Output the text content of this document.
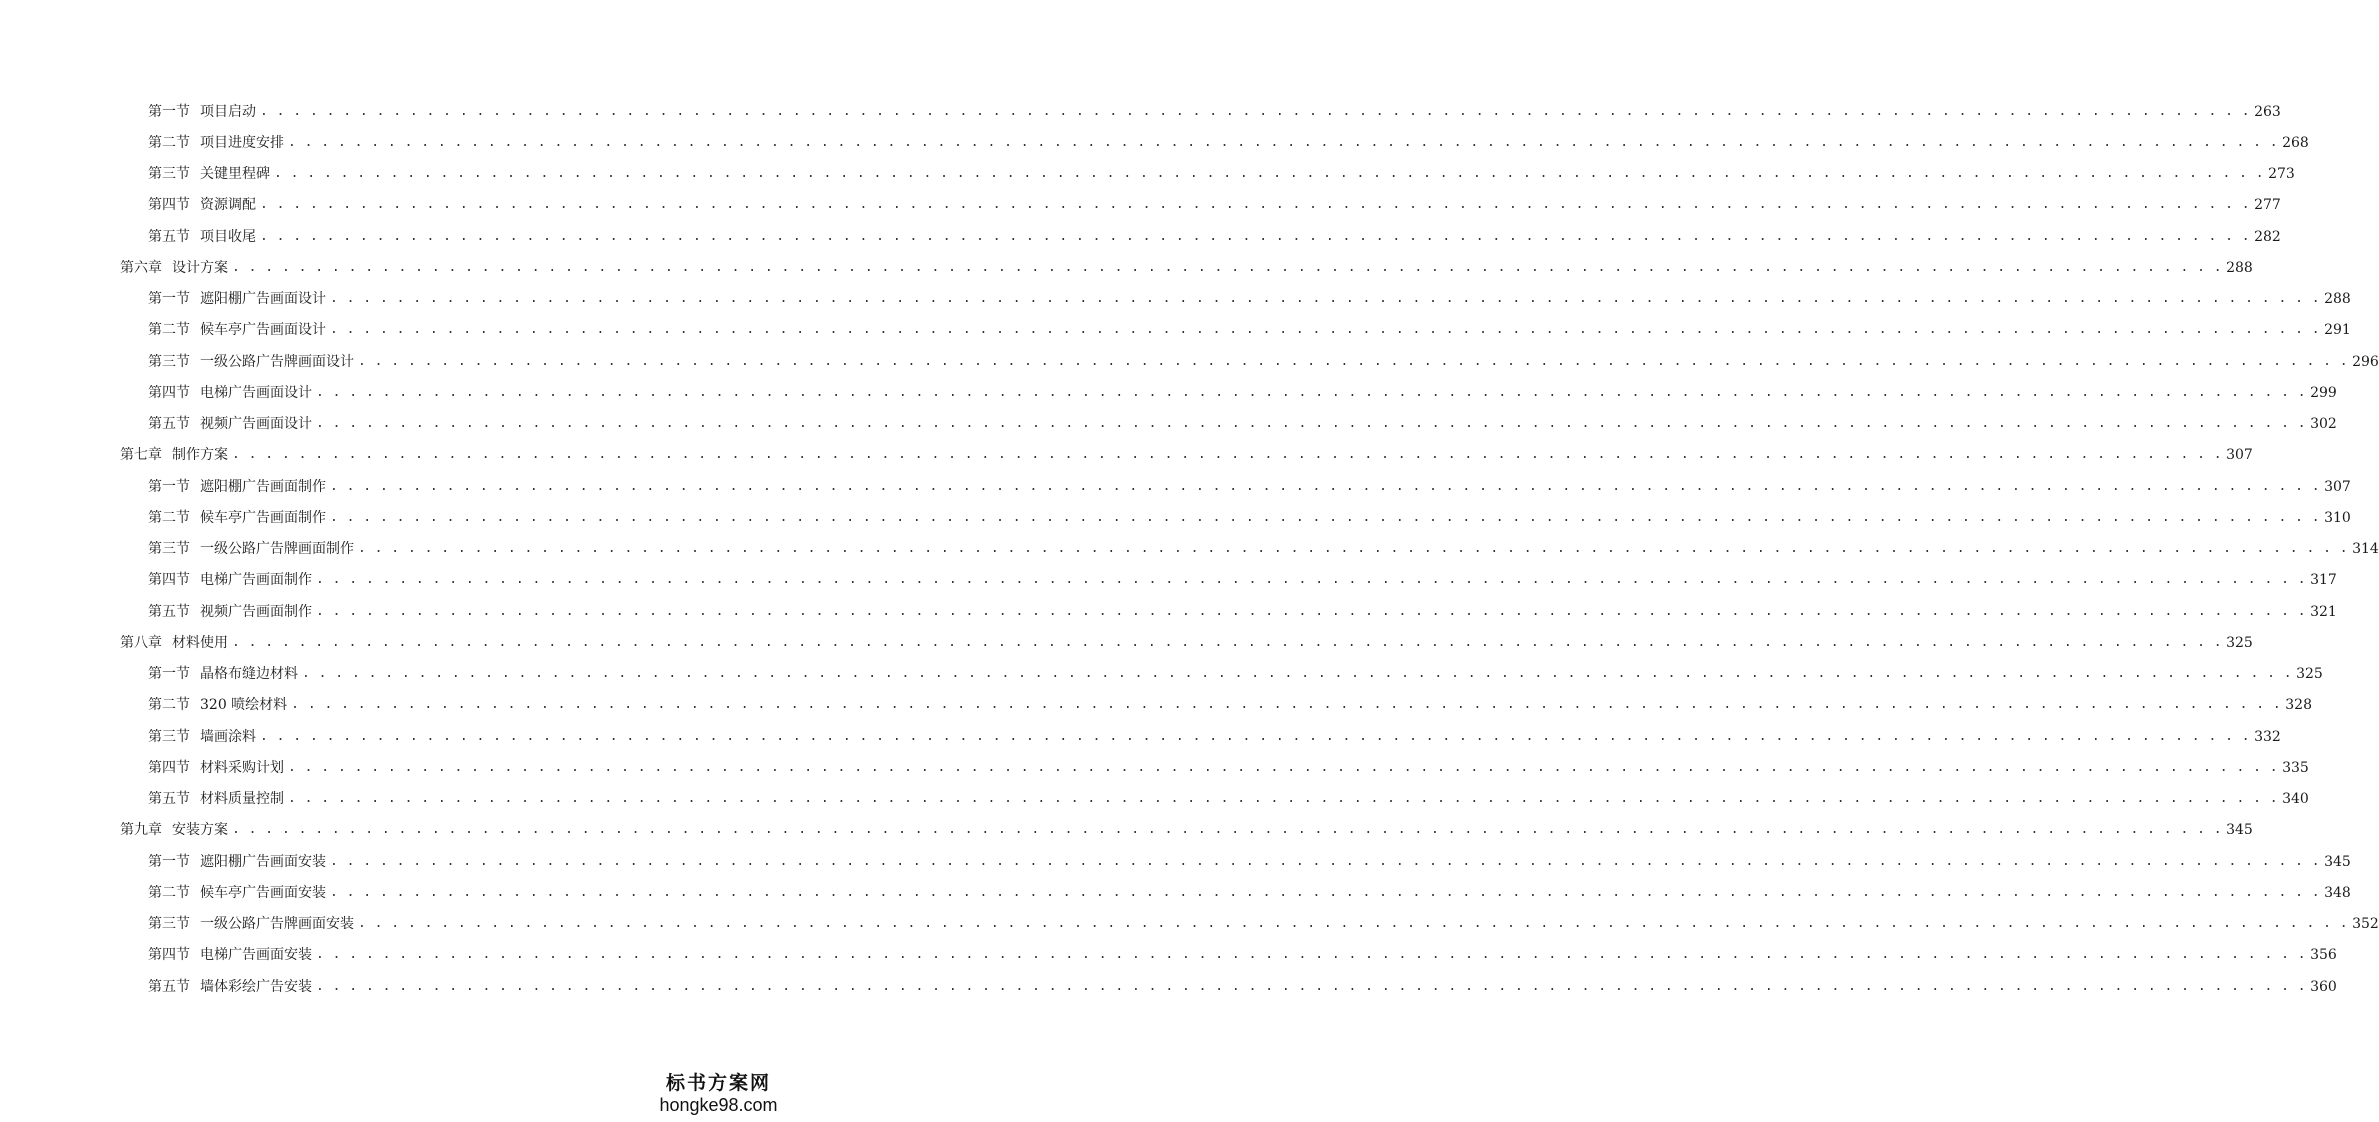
第一节 项目启动 . . . . . . . . . . . . . . . . . . . . . . . . . . . . . . . . . . . . . . . . . . . . . . . . . . . . . . . . . . . . . . . . . . . . . . . . . . . . . . . . . . . . . . . . . . . . . . . . . . . . . . . . . . . . . . . . . . . . . . . . 263
第二节 项目进度安排 . . . . . . . . . . . . . . . . . . . . . . . . . . . . . . . . . . . . . . . . . . . . . . . . . . . . . . . . . . . . . . . . . . . . . . . . . . . . . . . . . . . . . . . . . . . . . . . . . . . . . . . . . . . . . . . . . . . . . . . . 268
第三节 关键里程碑 . . . . . . . . . . . . . . . . . . . . . . . . . . . . . . . . . . . . . . . . . . . . . . . . . . . . . . . . . . . . . . . . . . . . . . . . . . . . . . . . . . . . . . . . . . . . . . . . . . . . . . . . . . . . . . . . . . . . . . . . 273
第四节 资源调配 . . . . . . . . . . . . . . . . . . . . . . . . . . . . . . . . . . . . . . . . . . . . . . . . . . . . . . . . . . . . . . . . . . . . . . . . . . . . . . . . . . . . . . . . . . . . . . . . . . . . . . . . . . . . . . . . . . . . . . . . 277
第五节 项目收尾 . . . . . . . . . . . . . . . . . . . . . . . . . . . . . . . . . . . . . . . . . . . . . . . . . . . . . . . . . . . . . . . . . . . . . . . . . . . . . . . . . . . . . . . . . . . . . . . . . . . . . . . . . . . . . . . . . . . . . . . . 282
第六章 设计方案 . . . . . . . . . . . . . . . . . . . . . . . . . . . . . . . . . . . . . . . . . . . . . . . . . . . . . . . . . . . . . . . . . . . . . . . . . . . . . . . . . . . . . . . . . . . . . . . . . . . . . . . . . . . . . . . . . . . . . . . . 288
第一节 遮阳棚广告画面设计 . . . . . . . . . . . . . . . . . . . . . . . . . . . . . . . . . . . . . . . . . . . . . . . . . . . . . . . . . . . . . . . . . . . . . . . . . . . . . . . . . . . . . . . . . . . . . . . . . . . . . . . . . . . . . . . . . . . . . . . . 288
第二节 候车亭广告画面设计 . . . . . . . . . . . . . . . . . . . . . . . . . . . . . . . . . . . . . . . . . . . . . . . . . . . . . . . . . . . . . . . . . . . . . . . . . . . . . . . . . . . . . . . . . . . . . . . . . . . . . . . . . . . . . . . . . . . . . . . . 291
第三节 一级公路广告牌画面设计 . . . . . . . . . . . . . . . . . . . . . . . . . . . . . . . . . . . . . . . . . . . . . . . . . . . . . . . . . . . . . . . . . . . . . . . . . . . . . . . . . . . . . . . . . . . . . . . . . . . . . . . . . . . . . . . . . . . . . . . . 296
第四节 电梯广告画面设计 . . . . . . . . . . . . . . . . . . . . . . . . . . . . . . . . . . . . . . . . . . . . . . . . . . . . . . . . . . . . . . . . . . . . . . . . . . . . . . . . . . . . . . . . . . . . . . . . . . . . . . . . . . . . . . . . . . . . . . . . 299
第五节 视频广告画面设计 . . . . . . . . . . . . . . . . . . . . . . . . . . . . . . . . . . . . . . . . . . . . . . . . . . . . . . . . . . . . . . . . . . . . . . . . . . . . . . . . . . . . . . . . . . . . . . . . . . . . . . . . . . . . . . . . . . . . . . . . 302
第七章 制作方案 . . . . . . . . . . . . . . . . . . . . . . . . . . . . . . . . . . . . . . . . . . . . . . . . . . . . . . . . . . . . . . . . . . . . . . . . . . . . . . . . . . . . . . . . . . . . . . . . . . . . . . . . . . . . . . . . . . . . . . . . 307
第一节 遮阳棚广告画面制作 . . . . . . . . . . . . . . . . . . . . . . . . . . . . . . . . . . . . . . . . . . . . . . . . . . . . . . . . . . . . . . . . . . . . . . . . . . . . . . . . . . . . . . . . . . . . . . . . . . . . . . . . . . . . . . . . . . . . . . . . 307
第二节 候车亭广告画面制作 . . . . . . . . . . . . . . . . . . . . . . . . . . . . . . . . . . . . . . . . . . . . . . . . . . . . . . . . . . . . . . . . . . . . . . . . . . . . . . . . . . . . . . . . . . . . . . . . . . . . . . . . . . . . . . . . . . . . . . . . 310
第三节 一级公路广告牌画面制作 . . . . . . . . . . . . . . . . . . . . . . . . . . . . . . . . . . . . . . . . . . . . . . . . . . . . . . . . . . . . . . . . . . . . . . . . . . . . . . . . . . . . . . . . . . . . . . . . . . . . . . . . . . . . . . . . . . . . . . . . 314
第四节 电梯广告画面制作 . . . . . . . . . . . . . . . . . . . . . . . . . . . . . . . . . . . . . . . . . . . . . . . . . . . . . . . . . . . . . . . . . . . . . . . . . . . . . . . . . . . . . . . . . . . . . . . . . . . . . . . . . . . . . . . . . . . . . . . . 317
第五节 视频广告画面制作 . . . . . . . . . . . . . . . . . . . . . . . . . . . . . . . . . . . . . . . . . . . . . . . . . . . . . . . . . . . . . . . . . . . . . . . . . . . . . . . . . . . . . . . . . . . . . . . . . . . . . . . . . . . . . . . . . . . . . . . . 321
第八章 材料使用 . . . . . . . . . . . . . . . . . . . . . . . . . . . . . . . . . . . . . . . . . . . . . . . . . . . . . . . . . . . . . . . . . . . . . . . . . . . . . . . . . . . . . . . . . . . . . . . . . . . . . . . . . . . . . . . . . . . . . . . . 325
第一节 晶格布缝边材料 . . . . . . . . . . . . . . . . . . . . . . . . . . . . . . . . . . . . . . . . . . . . . . . . . . . . . . . . . . . . . . . . . . . . . . . . . . . . . . . . . . . . . . . . . . . . . . . . . . . . . . . . . . . . . . . . . . . . . . . . 325
第二节 320 喷绘材料 . . . . . . . . . . . . . . . . . . . . . . . . . . . . . . . . . . . . . . . . . . . . . . . . . . . . . . . . . . . . . . . . . . . . . . . . . . . . . . . . . . . . . . . . . . . . . . . . . . . . . . . . . . . . . . . . . . . . . . . . 328
第三节 墙画涂料 . . . . . . . . . . . . . . . . . . . . . . . . . . . . . . . . . . . . . . . . . . . . . . . . . . . . . . . . . . . . . . . . . . . . . . . . . . . . . . . . . . . . . . . . . . . . . . . . . . . . . . . . . . . . . . . . . . . . . . . . 332
第四节 材料采购计划 . . . . . . . . . . . . . . . . . . . . . . . . . . . . . . . . . . . . . . . . . . . . . . . . . . . . . . . . . . . . . . . . . . . . . . . . . . . . . . . . . . . . . . . . . . . . . . . . . . . . . . . . . . . . . . . . . . . . . . . . 335
第五节 材料质量控制 . . . . . . . . . . . . . . . . . . . . . . . . . . . . . . . . . . . . . . . . . . . . . . . . . . . . . . . . . . . . . . . . . . . . . . . . . . . . . . . . . . . . . . . . . . . . . . . . . . . . . . . . . . . . . . . . . . . . . . . . 340
第九章 安装方案 . . . . . . . . . . . . . . . . . . . . . . . . . . . . . . . . . . . . . . . . . . . . . . . . . . . . . . . . . . . . . . . . . . . . . . . . . . . . . . . . . . . . . . . . . . . . . . . . . . . . . . . . . . . . . . . . . . . . . . . . 345
第一节 遮阳棚广告画面安装 . . . . . . . . . . . . . . . . . . . . . . . . . . . . . . . . . . . . . . . . . . . . . . . . . . . . . . . . . . . . . . . . . . . . . . . . . . . . . . . . . . . . . . . . . . . . . . . . . . . . . . . . . . . . . . . . . . . . . . . . 345
第二节 候车亭广告画面安装 . . . . . . . . . . . . . . . . . . . . . . . . . . . . . . . . . . . . . . . . . . . . . . . . . . . . . . . . . . . . . . . . . . . . . . . . . . . . . . . . . . . . . . . . . . . . . . . . . . . . . . . . . . . . . . . . . . . . . . . . 348
第三节 一级公路广告牌画面安装 . . . . . . . . . . . . . . . . . . . . . . . . . . . . . . . . . . . . . . . . . . . . . . . . . . . . . . . . . . . . . . . . . . . . . . . . . . . . . . . . . . . . . . . . . . . . . . . . . . . . . . . . . . . . . . . . . . . . . . . . 352
第四节 电梯广告画面安装 . . . . . . . . . . . . . . . . . . . . . . . . . . . . . . . . . . . . . . . . . . . . . . . . . . . . . . . . . . . . . . . . . . . . . . . . . . . . . . . . . . . . . . . . . . . . . . . . . . . . . . . . . . . . . . . . . . . . . . . . 356
第五节 墙体彩绘广告安装 . . . . . . . . . . . . . . . . . . . . . . . . . . . . . . . . . . . . . . . . . . . . . . . . . . . . . . . . . . . . . . . . . . . . . . . . . . . . . . . . . . . . . . . . . . . . . . . . . . . . . . . . . . . . . . . . . . . . . . . . 360
标书方案网
hongke98.com
